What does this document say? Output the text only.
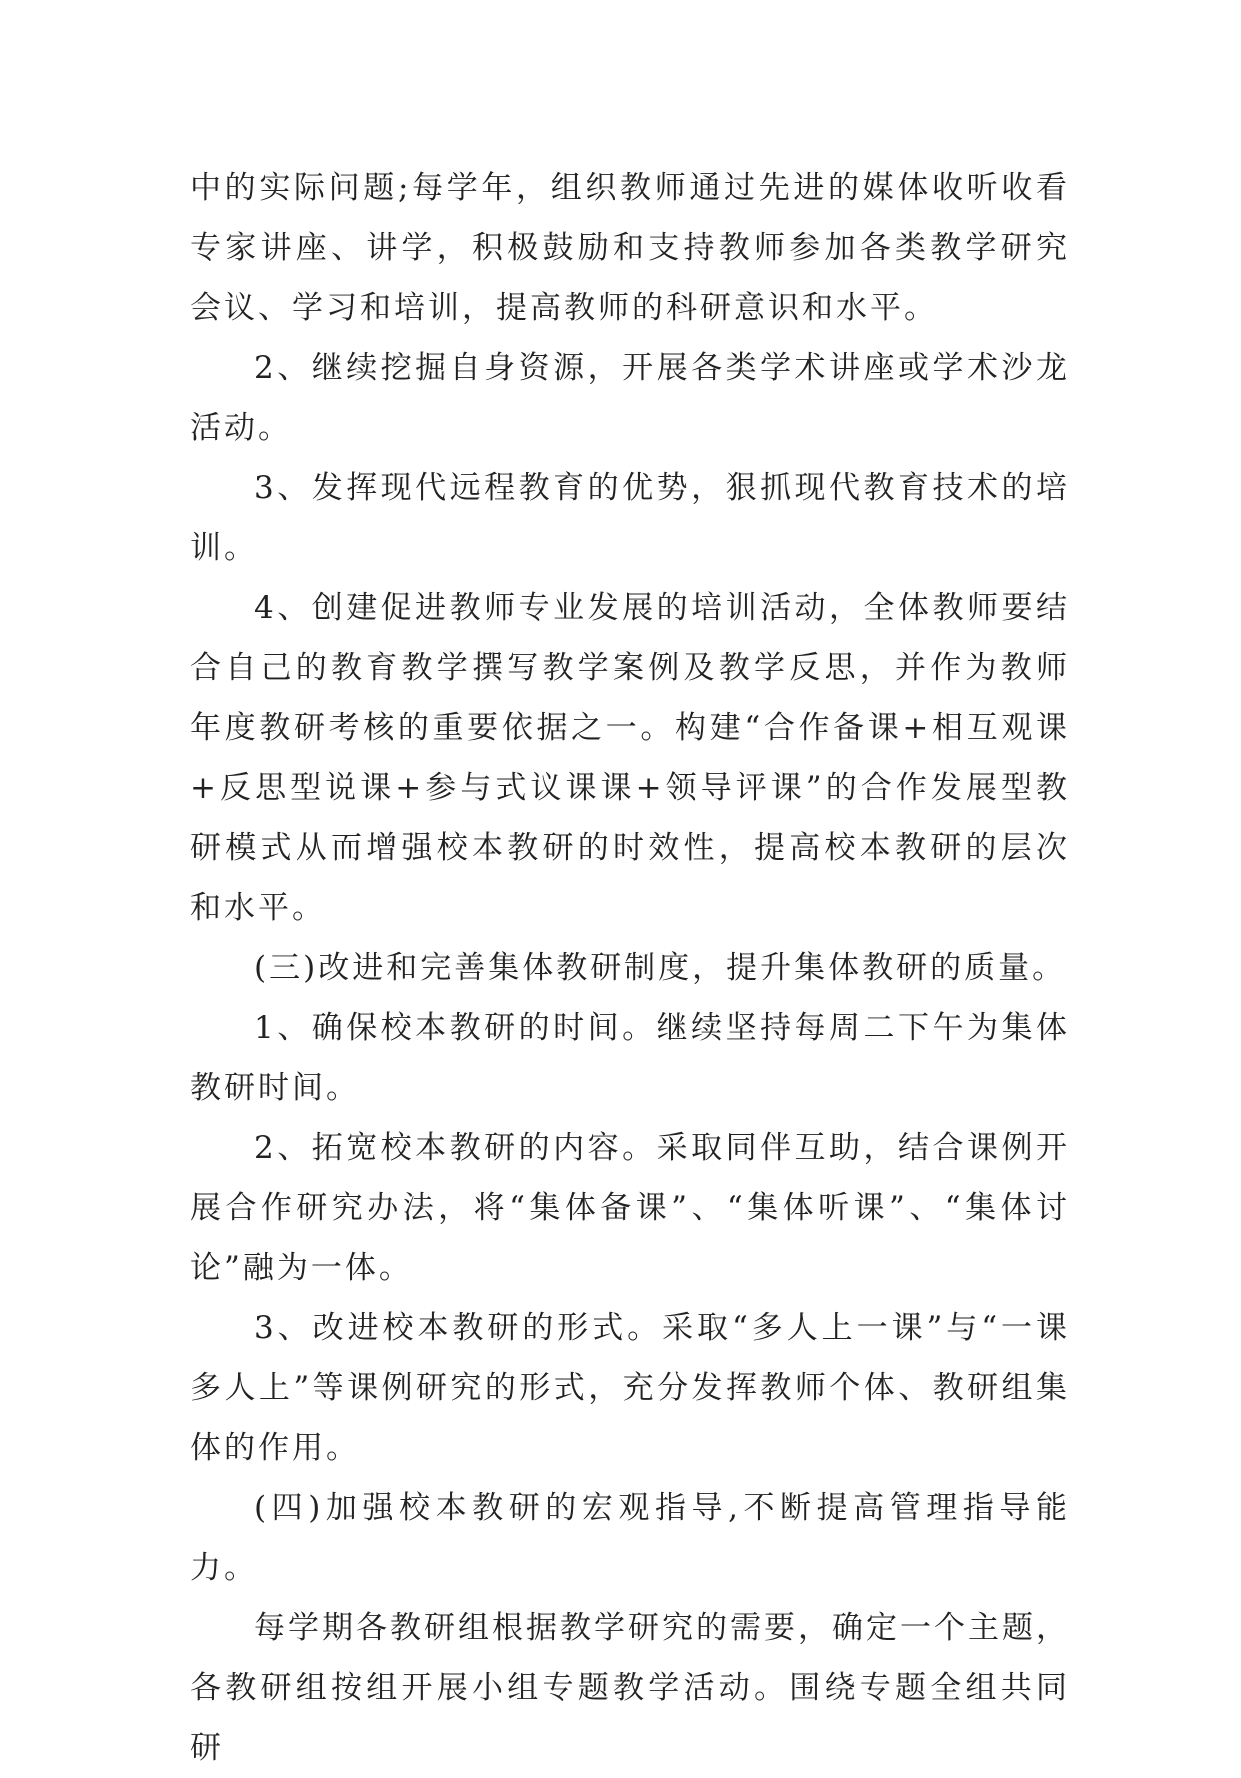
中的实际问题;每学年，组织教师通过先进的媒体收听收看专家讲座、讲学，积极鼓励和支持教师参加各类教学研究会议、学习和培训，提高教师的科研意识和水平。

2、继续挖掘自身资源，开展各类学术讲座或学术沙龙活动。

3、发挥现代远程教育的优势，狠抓现代教育技术的培训。

4、创建促进教师专业发展的培训活动，全体教师要结合自己的教育教学撰写教学案例及教学反思，并作为教师年度教研考核的重要依据之一。构建“合作备课+相互观课+反思型说课+参与式议课课+领导评课”的合作发展型教研模式从而增强校本教研的时效性，提高校本教研的层次和水平。

(三)改进和完善集体教研制度，提升集体教研的质量。

1、确保校本教研的时间。继续坚持每周二下午为集体教研时间。

2、拓宽校本教研的内容。采取同伴互助，结合课例开展合作研究办法，将“集体备课”、“集体听课”、“集体讨论”融为一体。

3、改进校本教研的形式。采取“多人上一课”与“一课多人上”等课例研究的形式，充分发挥教师个体、教研组集体的作用。

(四)加强校本教研的宏观指导,不断提高管理指导能力。

每学期各教研组根据教学研究的需要，确定一个主题，各教研组按组开展小组专题教学活动。围绕专题全组共同研
